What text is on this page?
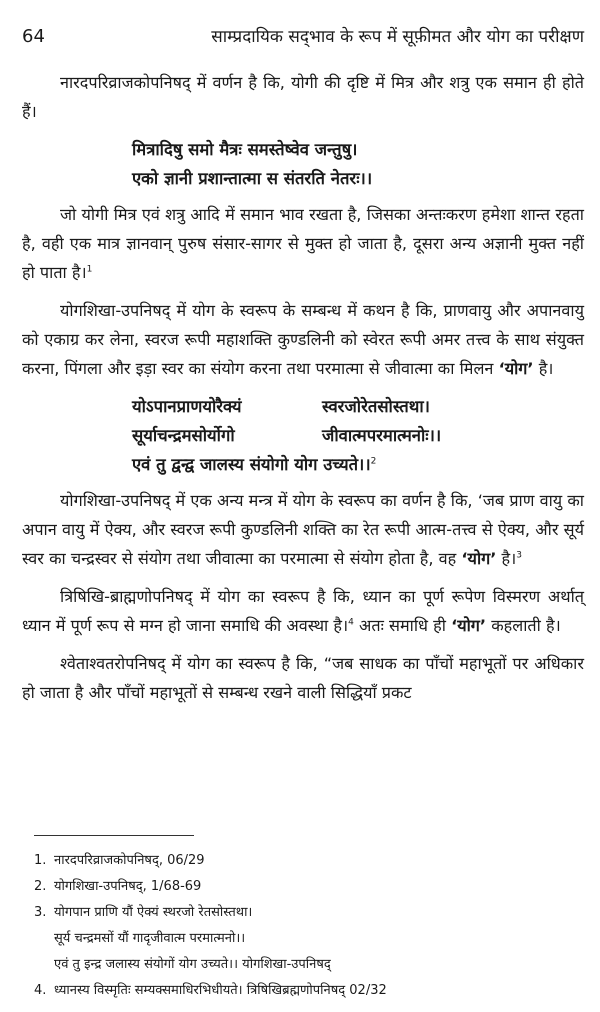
64	साम्प्रदायिक सद्‌भाव के रूप में सूफ़ीमत और योग का परीक्षण

नारदपरिव्राजकोपनिषद् में वर्णन है कि, योगी की दृष्टि में मित्र और शत्रु एक समान ही होते हैं।

मित्रादिषु समो मैत्रः समस्तेष्वेव जन्तुषु।
एको ज्ञानी प्रशान्तात्मा स संतरति नेतरः।।

जो योगी मित्र एवं शत्रु आदि में समान भाव रखता है, जिसका अन्तःकरण हमेशा शान्त रहता है, वही एक मात्र ज्ञानवान् पुरुष संसार-सागर से मुक्त हो जाता है, दूसरा अन्य अज्ञानी मुक्त नहीं हो पाता है।$^1$

योगशिखा-उपनिषद् में योग के स्वरूप के सम्बन्ध में कथन है कि, प्राणवायु और अपानवायु को एकाग्र कर लेना, स्वरज रूपी महाशक्ति कुण्डलिनी को स्वेरत रूपी अमर तत्त्व के साथ संयुक्त करना, पिंगला और इड़ा स्वर का संयोग करना तथा परमात्मा से जीवात्मा का मिलन ‘योग’ है।

योऽपानप्राणयोरैक्यं	स्वरजोरेतसोस्तथा।
सूर्याचन्द्रमसोर्योगो	जीवात्मपरमात्मनोः।।
एवं तु द्वन्द्व जालस्य संयोगो योग उच्यते।।$^2$

योगशिखा-उपनिषद् में एक अन्य मन्त्र में योग के स्वरूप का वर्णन है कि, ‘जब प्राण वायु का अपान वायु में ऐक्य, और स्वरज रूपी कुण्डलिनी शक्ति का रेत रूपी आत्म-तत्त्व से ऐक्य, और सूर्य स्वर का चन्द्रस्वर से संयोग तथा जीवात्मा का परमात्मा से संयोग होता है, वह ‘योग’ है।$^3$

त्रिषिखि-ब्राह्मणोपनिषद् में योग का स्वरूप है कि, ध्यान का पूर्ण रूपेण विस्मरण अर्थात् ध्यान में पूर्ण रूप से मग्न हो जाना समाधि की अवस्था है।$^4$ अतः समाधि ही ‘योग’ कहलाती है।

श्वेताश्वतरोपनिषद् में योग का स्वरूप है कि, “जब साधक का पाँचों महाभूतों पर अधिकार हो जाता है और पाँचों महाभूतों से सम्बन्ध रखने वाली सिद्धियाँ प्रकट

1. नारदपरिव्राजकोपनिषद्, 06/29
2. योगशिखा-उपनिषद्, 1/68-69
3. योगपान प्राणि यौं ऐक्यं स्थरजो रेतसोस्तथा।
सूर्य चन्द्रमसों यौं गादृजीवात्म परमात्मनो।।
एवं तु इन्द्र जलास्य संयोगों योग उच्यते।। योगशिखा-उपनिषद्
4. ध्यानस्य विस्मृतिः सम्यक्समाधिरभिधीयते। त्रिषिखिब्रह्मणोपनिषद् 02/32
